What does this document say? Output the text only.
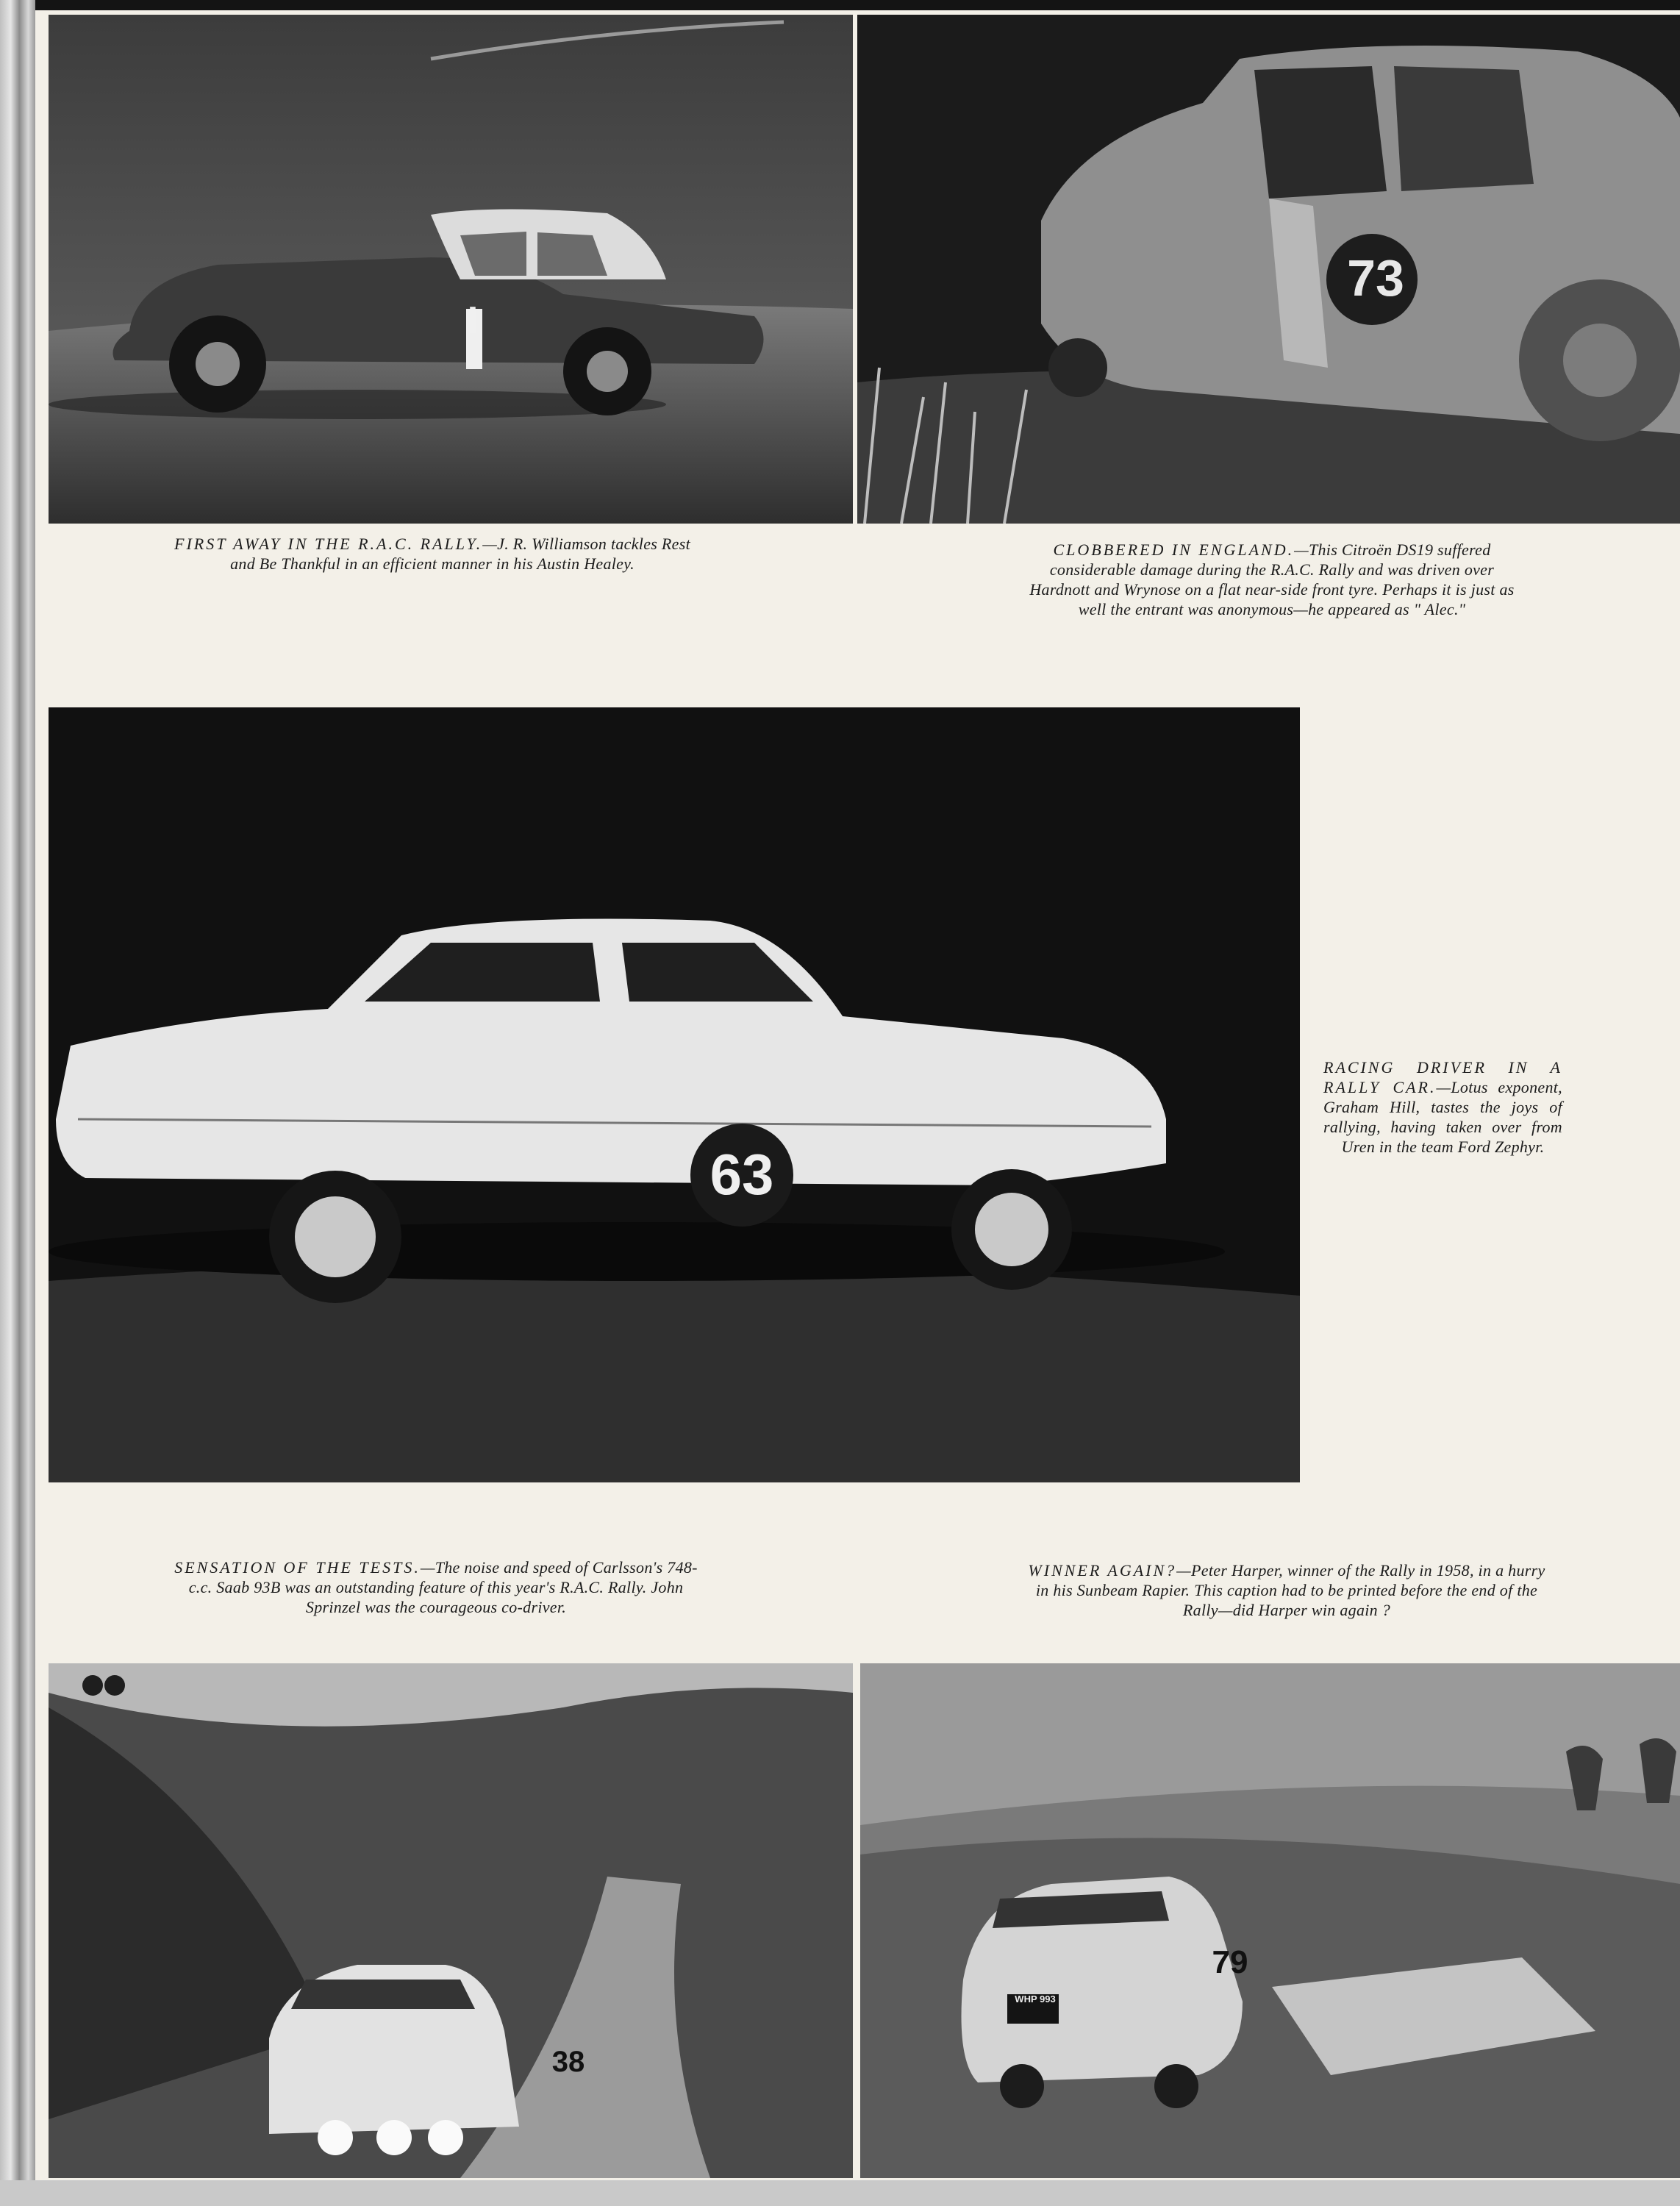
73
FIRST AWAY IN THE R.A.C. RALLY.—J. R. Williamson tackles Rest and Be Thankful in an efficient manner in his Austin Healey.
CLOBBERED IN ENGLAND.—This Citroën DS19 suffered considerable damage during the R.A.C. Rally and was driven over Hardnott and Wrynose on a flat near-side front tyre. Perhaps it is just as well the entrant was anonymous—he appeared as " Alec."
63
RACING DRIVER IN A RALLY CAR.—Lotus exponent, Graham Hill, tastes the joys of rallying, having taken over from Uren in the team Ford Zephyr.
SENSATION OF THE TESTS.—The noise and speed of Carlsson's 748-c.c. Saab 93B was an outstanding feature of this year's R.A.C. Rally. John Sprinzel was the courageous co-driver.
WINNER AGAIN?—Peter Harper, winner of the Rally in 1958, in a hurry in his Sunbeam Rapier. This caption had to be printed before the end of the Rally—did Harper win again ?
38
79
WHP 993
I
